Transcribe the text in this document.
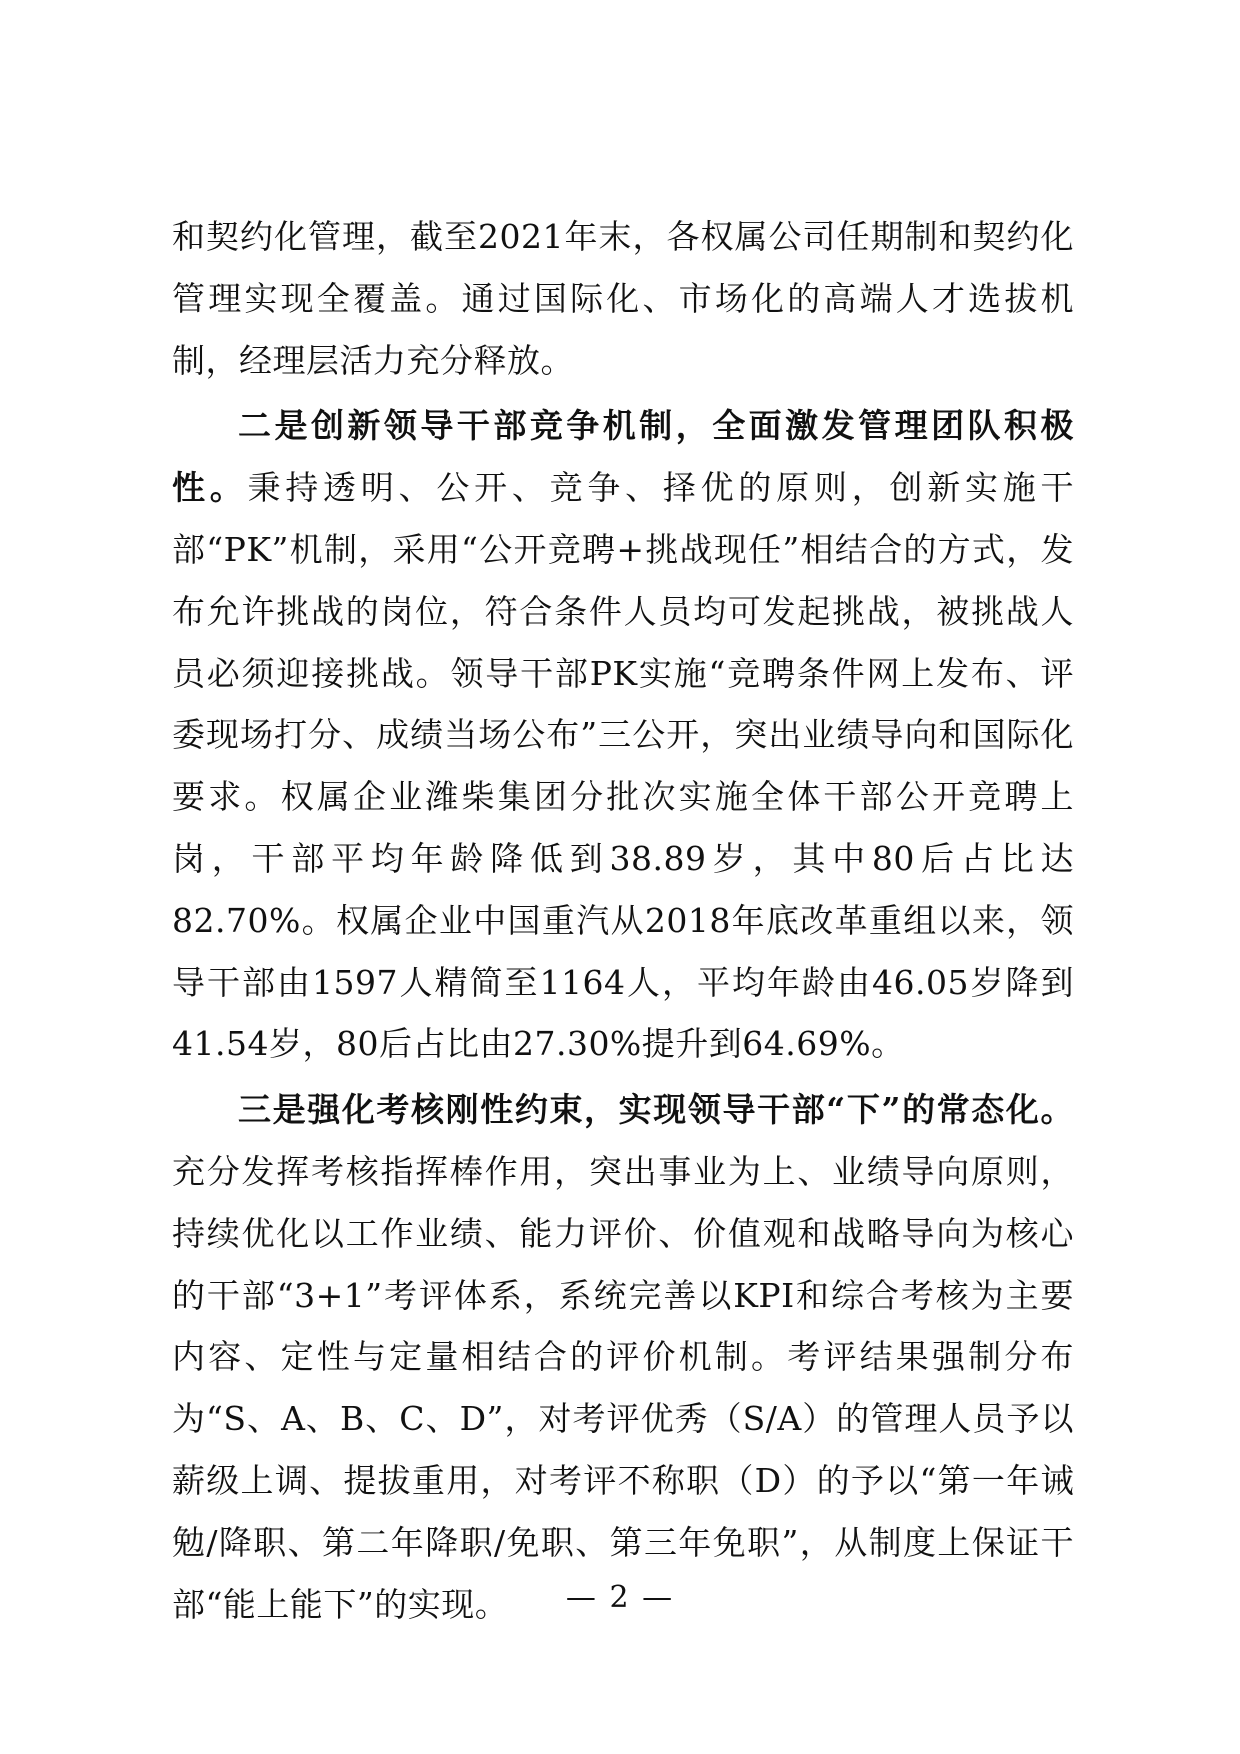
和契约化管理，截至2021年末，各权属公司任期制和契约化管理实现全覆盖。通过国际化、市场化的高端人才选拔机制，经理层活力充分释放。

二是创新领导干部竞争机制，全面激发管理团队积极性。秉持透明、公开、竞争、择优的原则，创新实施干部“PK”机制，采用“公开竞聘+挑战现任”相结合的方式，发布允许挑战的岗位，符合条件人员均可发起挑战，被挑战人员必须迎接挑战。领导干部PK实施“竞聘条件网上发布、评委现场打分、成绩当场公布”三公开，突出业绩导向和国际化要求。权属企业潍柴集团分批次实施全体干部公开竞聘上岗，干部平均年龄降低到38.89岁，其中80后占比达82.70%。权属企业中国重汽从2018年底改革重组以来，领导干部由1597人精简至1164人，平均年龄由46.05岁降到41.54岁，80后占比由27.30%提升到64.69%。

三是强化考核刚性约束，实现领导干部“下”的常态化。充分发挥考核指挥棒作用，突出事业为上、业绩导向原则，持续优化以工作业绩、能力评价、价值观和战略导向为核心的干部“3+1”考评体系，系统完善以KPI和综合考核为主要内容、定性与定量相结合的评价机制。考评结果强制分布为“S、A、B、C、D”，对考评优秀（S/A）的管理人员予以薪级上调、提拔重用，对考评不称职（D）的予以“第一年诫勉/降职、第二年降职/免职、第三年免职”，从制度上保证干部“能上能下”的实现。	— 2 —
